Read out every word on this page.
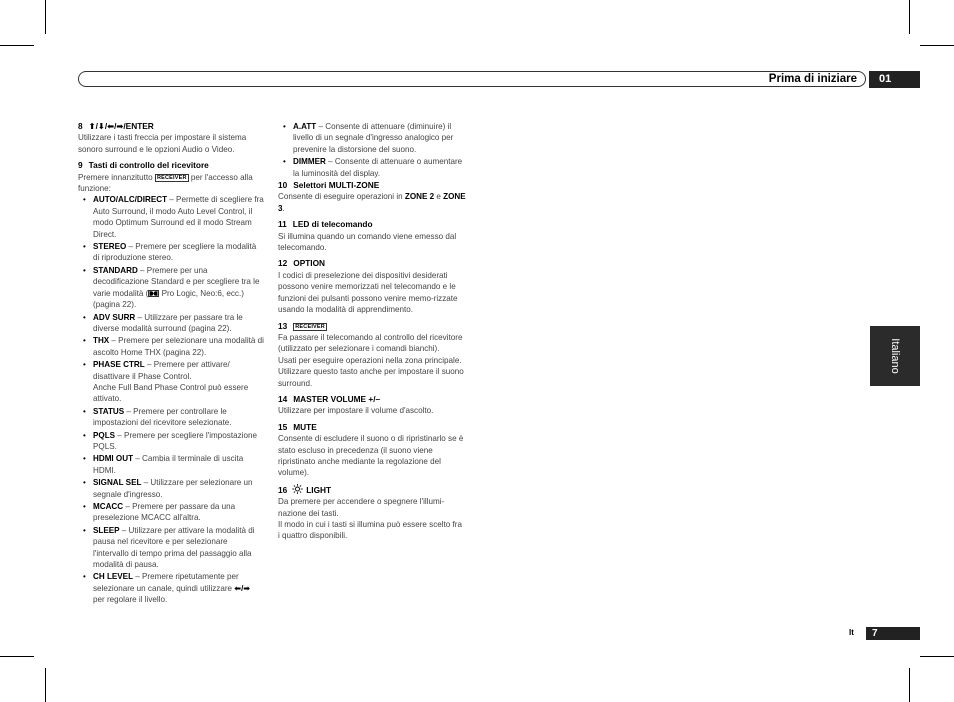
Prima di iniziare	01
Italiano
It	7

8 ⬆/⬇/⬅/➡/ENTER

Utilizzare i tasti freccia per impostare il sistema sonoro surround e le opzioni Audio o Video.

9 Tasti di controllo del ricevitore

Premere innanzitutto RECEIVER per l'accesso alla funzione:

• AUTO/ALC/DIRECT – Permette di scegliere fra Auto Surround, il modo Auto Level Control, il modo Optimum Surround ed il modo Stream Direct.
• STEREO – Premere per scegliere la modalità di riproduzione stereo.
• STANDARD – Premere per una decodificazione Standard e per scegliere tra le varie modalità ( Pro Logic, Neo:6, ecc.) (pagina 22).
• ADV SURR – Utilizzare per passare tra le diverse modalità surround (pagina 22).
• THX – Premere per selezionare una modalità di ascolto Home THX (pagina 22).
• PHASE CTRL – Premere per attivare/ disattivare il Phase Control.
Anche Full Band Phase Control può essere attivato.
• STATUS – Premere per controllare le impostazioni del ricevitore selezionate.
• PQLS – Premere per scegliere l'impostazione PQLS.
• HDMI OUT – Cambia il terminale di uscita HDMI.
• SIGNAL SEL – Utilizzare per selezionare un segnale d'ingresso.
• MCACC – Premere per passare da una preselezione MCACC all'altra.
• SLEEP – Utilizzare per attivare la modalità di pausa nel ricevitore e per selezionare l'intervallo di tempo prima del passaggio alla modalità di pausa.
• CH LEVEL – Premere ripetutamente per selezionare un canale, quindi utilizzare ⬅/➡ per regolare il livello.
• A.ATT – Consente di attenuare (diminuire) il livello di un segnale d'ingresso analogico per prevenire la distorsione del suono.
• DIMMER – Consente di attenuare o aumentare la luminosità del display.

10 Selettori MULTI-ZONE

Consente di eseguire operazioni in ZONE 2 e ZONE 3.

11 LED di telecomando

Si illumina quando un comando viene emesso dal telecomando.

12 OPTION

I codici di preselezione dei dispositivi desiderati possono venire memorizzati nel telecomando e le funzioni dei pulsanti possono venire memo-rizzate usando la modalità di apprendimento.

13 RECEIVER

Fa passare il telecomando al controllo del ricevitore (utilizzato per selezionare i comandi bianchi).

Usati per eseguire operazioni nella zona principale.

Utilizzare questo tasto anche per impostare il suono surround.

14 MASTER VOLUME +/–

Utilizzare per impostare il volume d'ascolto.

15 MUTE

Consente di escludere il suono o di ripristinarlo se è stato escluso in precedenza (il suono viene ripristinato anche mediante la regolazione del volume).

16 LIGHT

Da premere per accendere o spegnere l'illumi-nazione dei tasti.

Il modo in cui i tasti si illumina può essere scelto fra i quattro disponibili.
